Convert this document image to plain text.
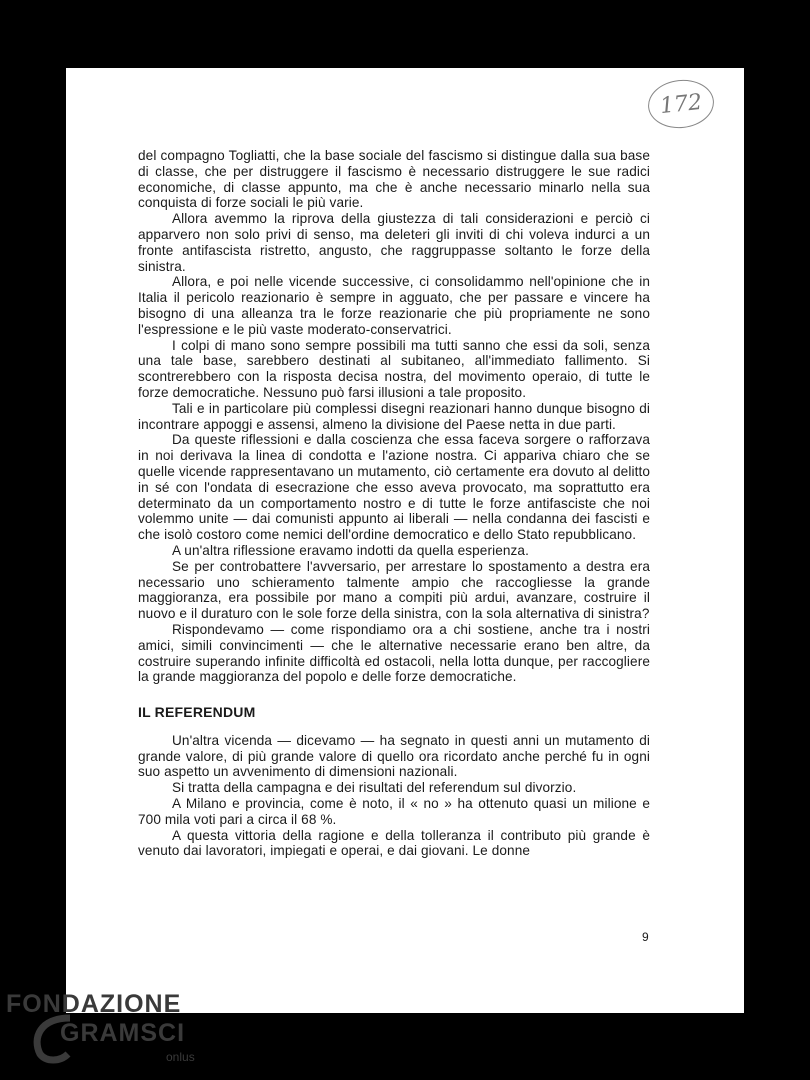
172

del compagno Togliatti, che la base sociale del fascismo si distingue dalla sua base di classe, che per distruggere il fascismo è necessario distruggere le sue radici economiche, di classe appunto, ma che è anche necessario minarlo nella sua conquista di forze sociali le più varie.

Allora avemmo la riprova della giustezza di tali considerazioni e perciò ci apparvero non solo privi di senso, ma deleteri gli inviti di chi voleva indurci a un fronte antifascista ristretto, angusto, che raggruppasse soltanto le forze della sinistra.

Allora, e poi nelle vicende successive, ci consolidammo nell'opinione che in Italia il pericolo reazionario è sempre in agguato, che per passare e vincere ha bisogno di una alleanza tra le forze reazionarie che più propriamente ne sono l'espressione e le più vaste moderato-conservatrici.

I colpi di mano sono sempre possibili ma tutti sanno che essi da soli, senza una tale base, sarebbero destinati al subitaneo, all'immediato fallimento. Si scontrerebbero con la risposta decisa nostra, del movimento operaio, di tutte le forze democratiche. Nessuno può farsi illusioni a tale proposito.

Tali e in particolare più complessi disegni reazionari hanno dunque bisogno di incontrare appoggi e assensi, almeno la divisione del Paese netta in due parti.

Da queste riflessioni e dalla coscienza che essa faceva sorgere o rafforzava in noi derivava la linea di condotta e l'azione nostra. Ci appariva chiaro che se quelle vicende rappresentavano un mutamento, ciò certamente era dovuto al delitto in sé con l'ondata di esecrazione che esso aveva provocato, ma soprattutto era determinato da un comportamento nostro e di tutte le forze antifasciste che noi volemmo unite — dai comunisti appunto ai liberali — nella condanna dei fascisti e che isolò costoro come nemici dell'ordine democratico e dello Stato repubblicano.

A un'altra riflessione eravamo indotti da quella esperienza.

Se per controbattere l'avversario, per arrestare lo spostamento a destra era necessario uno schieramento talmente ampio che raccogliesse la grande maggioranza, era possibile por mano a compiti più ardui, avanzare, costruire il nuovo e il duraturo con le sole forze della sinistra, con la sola alternativa di sinistra?

Rispondevamo — come rispondiamo ora a chi sostiene, anche tra i nostri amici, simili convincimenti — che le alternative necessarie erano ben altre, da costruire superando infinite difficoltà ed ostacoli, nella lotta dunque, per raccogliere la grande maggioranza del popolo e delle forze democratiche.

IL REFERENDUM

Un'altra vicenda — dicevamo — ha segnato in questi anni un mutamento di grande valore, di più grande valore di quello ora ricordato anche perché fu in ogni suo aspetto un avvenimento di dimensioni nazionali.

Si tratta della campagna e dei risultati del referendum sul divorzio.

A Milano e provincia, come è noto, il « no » ha ottenuto quasi un milione e 700 mila voti pari a circa il 68 %.

A questa vittoria della ragione e della tolleranza il contributo più grande è venuto dai lavoratori, impiegati e operai, e dai giovani. Le donne

9
FONDAZIONE
GRAMSCI
onlus
